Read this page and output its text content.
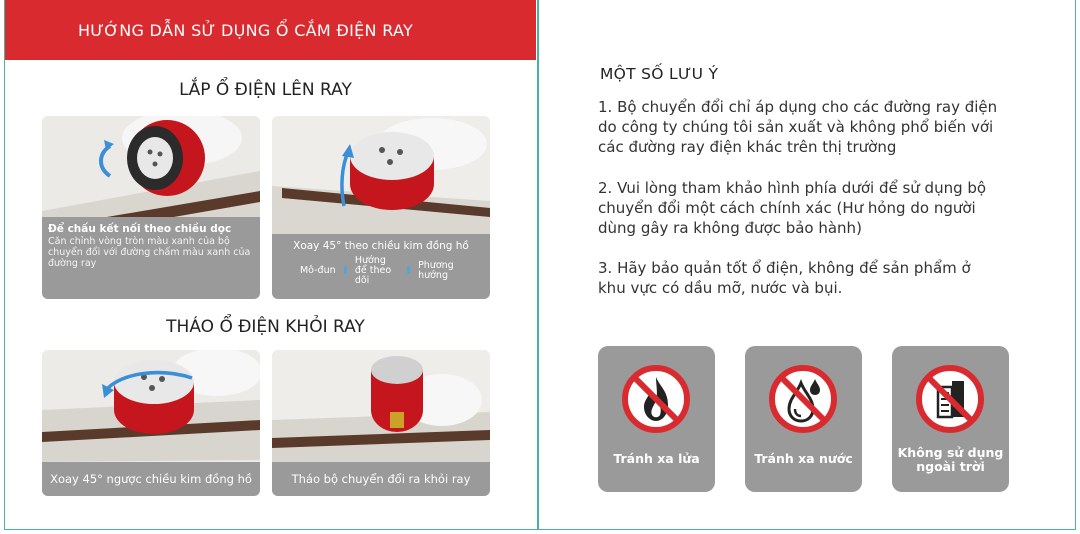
HƯỚNG DẪN SỬ DỤNG Ổ CẮM ĐIỆN RAY
LẮP Ổ ĐIỆN LÊN RAY
Để chấu kết nối theo chiều dọc
Căn chỉnh vòng tròn màu xanh của bộ chuyển đổi với đường chấm màu xanh của đường ray
Xoay 45° theo chiều kim đồng hồ
Mô-đun ⬆
Hướng để theo dõi
⬆ Phương hướng
THÁO Ổ ĐIỆN KHỎI RAY
Xoay 45° ngược chiều kim đồng hồ	Tháo bộ chuyển đổi ra khỏi ray
MỘT SỐ LƯU Ý
1. Bộ chuyển đổi chỉ áp dụng cho các đường ray điện do công ty chúng tôi sản xuất và không phổ biến với các đường ray điện khác trên thị trường
2. Vui lòng tham khảo hình phía dưới để sử dụng bộ chuyển đổi một cách chính xác (Hư hỏng do người dùng gây ra không được bảo hành)
3. Hãy bảo quản tốt ổ điện, không để sản phẩm ở khu vực có dầu mỡ, nước và bụi.
Tránh xa lửa	Tránh xa nước	Không sử dụng
ngoài trời
